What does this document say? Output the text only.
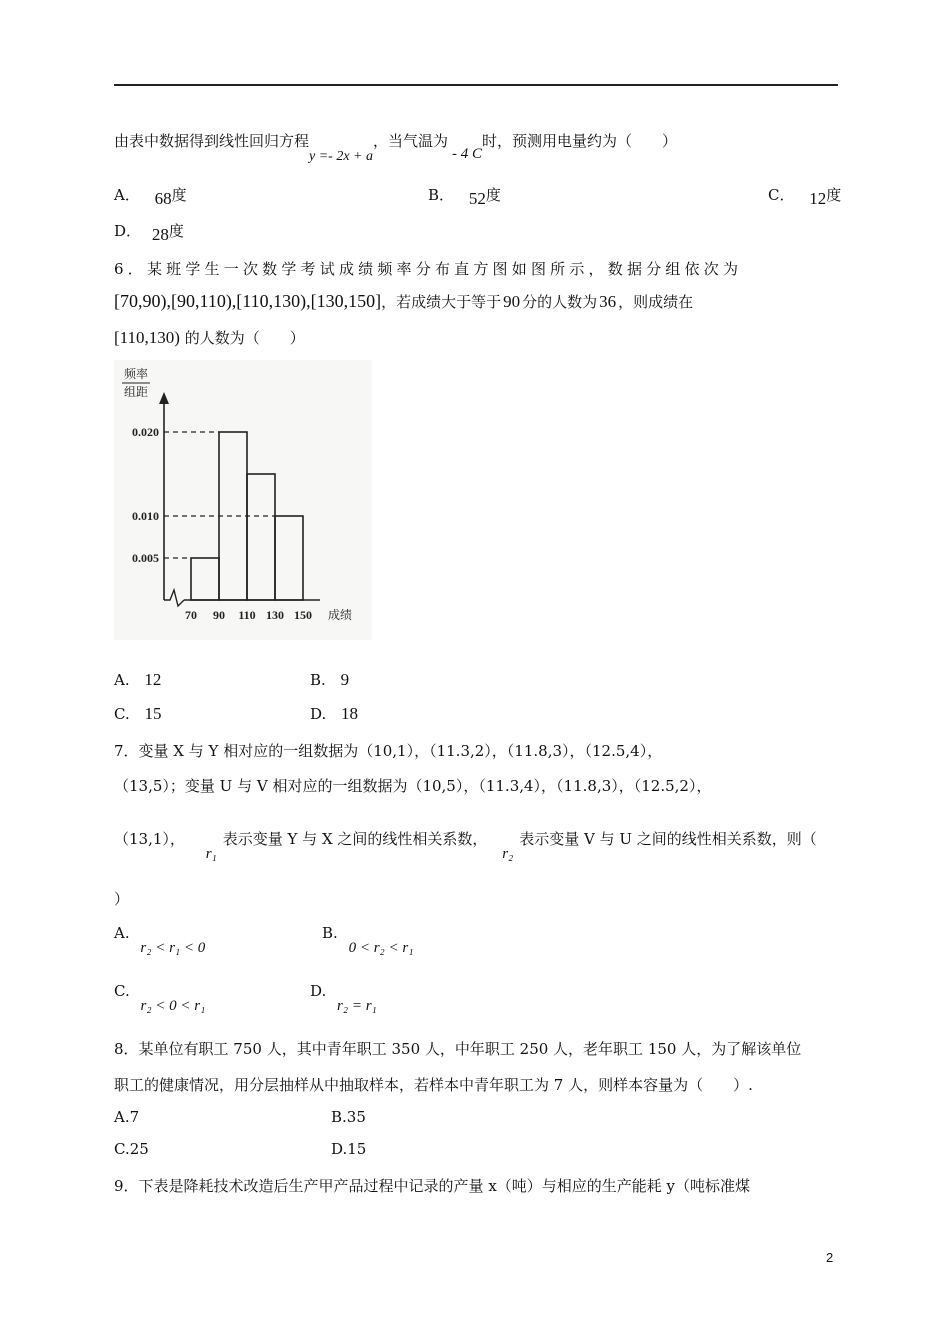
由表中数据得到线性回归方程y =- 2x + a，当气温为- 4 C时，预测用电量约为（　　）
A． 68度	B． 52度	C． 12度
D． 28度
6．某班学生一次数学考试成绩频率分布直方图如图所示，数据分组依次为
[70,90),[90,110),[110,130),[130,150]，若成绩大于等于 90 分的人数为 36 ，则成绩在
[110,130) 的人数为（　　）
频率
组距
0.020
0.010
0.005
70 90 110 130 150 成绩
A. 12	B. 9
C. 15	D. 18
7．变量 X 与 Y 相对应的一组数据为（10,1），（11.3,2），（11.8,3），（12.5,4），
（13,5）；变量 U 与 V 相对应的一组数据为（10,5），（11.3,4），（11.8,3），（12.5,2），
（13,1）， r₁表示变量 Y 与 X 之间的线性相关系数， r₂表示变量 V 与 U 之间的线性相关系数，则（
）
A. r₂ < r₁ < 0
B. 0 < r₂ < r₁
C. r₂ < 0 < r₁
D. r₂ = r₁
8．某单位有职工 750 人，其中青年职工 350 人，中年职工 250 人，老年职工 150 人，为了解该单位
职工的健康情况，用分层抽样从中抽取样本，若样本中青年职工为 7 人，则样本容量为（　　）.
A.7	B.35
C.25	D.15
9．下表是降耗技术改造后生产甲产品过程中记录的产量 x（吨）与相应的生产能耗 y（吨标准煤
2
